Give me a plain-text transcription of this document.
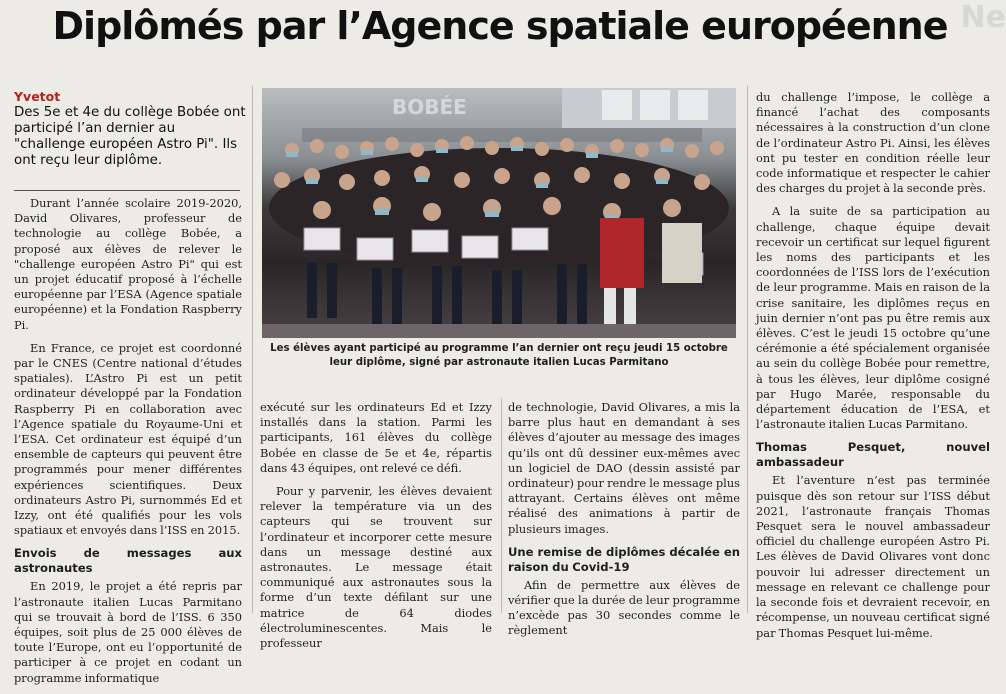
Ne
Diplômés par l’Agence spatiale européenne
Yvetot
Des 5e et 4e du collège Bobée ont participé l’an dernier au "challenge européen Astro Pi". Ils ont reçu leur diplôme.
BOBÉE
Les élèves ayant participé au programme l’an dernier ont reçu jeudi 15 octobre leur diplôme, signé par astronaute italien Lucas Parmitano

Durant l’année scolaire 2019-2020, David Olivares, professeur de technologie au collège Bobée, a proposé aux élèves de relever le "challenge européen Astro Pi" qui est un projet éducatif proposé à l’échelle européenne par l’ESA (Agence spatiale européenne) et la Fondation Raspberry Pi.

En France, ce projet est coordonné par le CNES (Centre national d’études spatiales). L’Astro Pi est un petit ordinateur développé par la Fondation Raspberry Pi en collaboration avec l’Agence spatiale du Royaume-Uni et l’ESA. Cet ordinateur est équipé d’un ensemble de capteurs qui peuvent être programmés pour mener différentes expériences scientifiques. Deux ordinateurs Astro Pi, surnommés Ed et Izzy, ont été qualifiés pour les vols spatiaux et envoyés dans l’ISS en 2015.

Envois de messages aux astronautes

En 2019, le projet a été repris par l’astronaute italien Lucas Parmitano qui se trouvait à bord de l’ISS. 6 350 équipes, soit plus de 25 000 élèves de toute l’Europe, ont eu l’opportunité de participer à ce projet en codant un programme informatique

exécuté sur les ordinateurs Ed et Izzy installés dans la station. Parmi les participants, 161 élèves du collège Bobée en classe de 5e et 4e, répartis dans 43 équipes, ont relevé ce défi.

Pour y parvenir, les élèves devaient relever la température via un des capteurs qui se trouvent sur l’ordinateur et incorporer cette mesure dans un message destiné aux astronautes. Le message était communiqué aux astronautes sous la forme d’un texte défilant sur une matrice de 64 diodes électroluminescentes. Mais le professeur

de technologie, David Olivares, a mis la barre plus haut en demandant à ses élèves d’ajouter au message des images qu’ils ont dû dessiner eux-mêmes avec un logiciel de DAO (dessin assisté par ordinateur) pour rendre le message plus attrayant. Certains élèves ont même réalisé des animations à partir de plusieurs images.

Une remise de diplômes décalée en raison du Covid-19

Afin de permettre aux élèves de vérifier que la durée de leur programme n’excède pas 30 secondes comme le règlement

du challenge l’impose, le collège a financé l’achat des composants nécessaires à la construction d’un clone de l’ordinateur Astro Pi. Ainsi, les élèves ont pu tester en condition réelle leur code informatique et respecter le cahier des charges du projet à la seconde près.

A la suite de sa participation au challenge, chaque équipe devait recevoir un certificat sur lequel figurent les noms des participants et les coordonnées de l’ISS lors de l’exécution de leur programme. Mais en raison de la crise sanitaire, les diplômes reçus en juin dernier n’ont pas pu être remis aux élèves. C’est le jeudi 15 octobre qu’une cérémonie a été spécialement organisée au sein du collège Bobée pour remettre, à tous les élèves, leur diplôme cosigné par Hugo Marée, responsable du département éducation de l’ESA, et l’astronaute italien Lucas Parmitano.

Thomas Pesquet, nouvel ambassadeur

Et l’aventure n’est pas terminée puisque dès son retour sur l’ISS début 2021, l’astronaute français Thomas Pesquet sera le nouvel ambassadeur officiel du challenge européen Astro Pi. Les élèves de David Olivares vont donc pouvoir lui adresser directement un message en relevant ce challenge pour la seconde fois et devraient recevoir, en récompense, un nouveau certificat signé par Thomas Pesquet lui-même.
